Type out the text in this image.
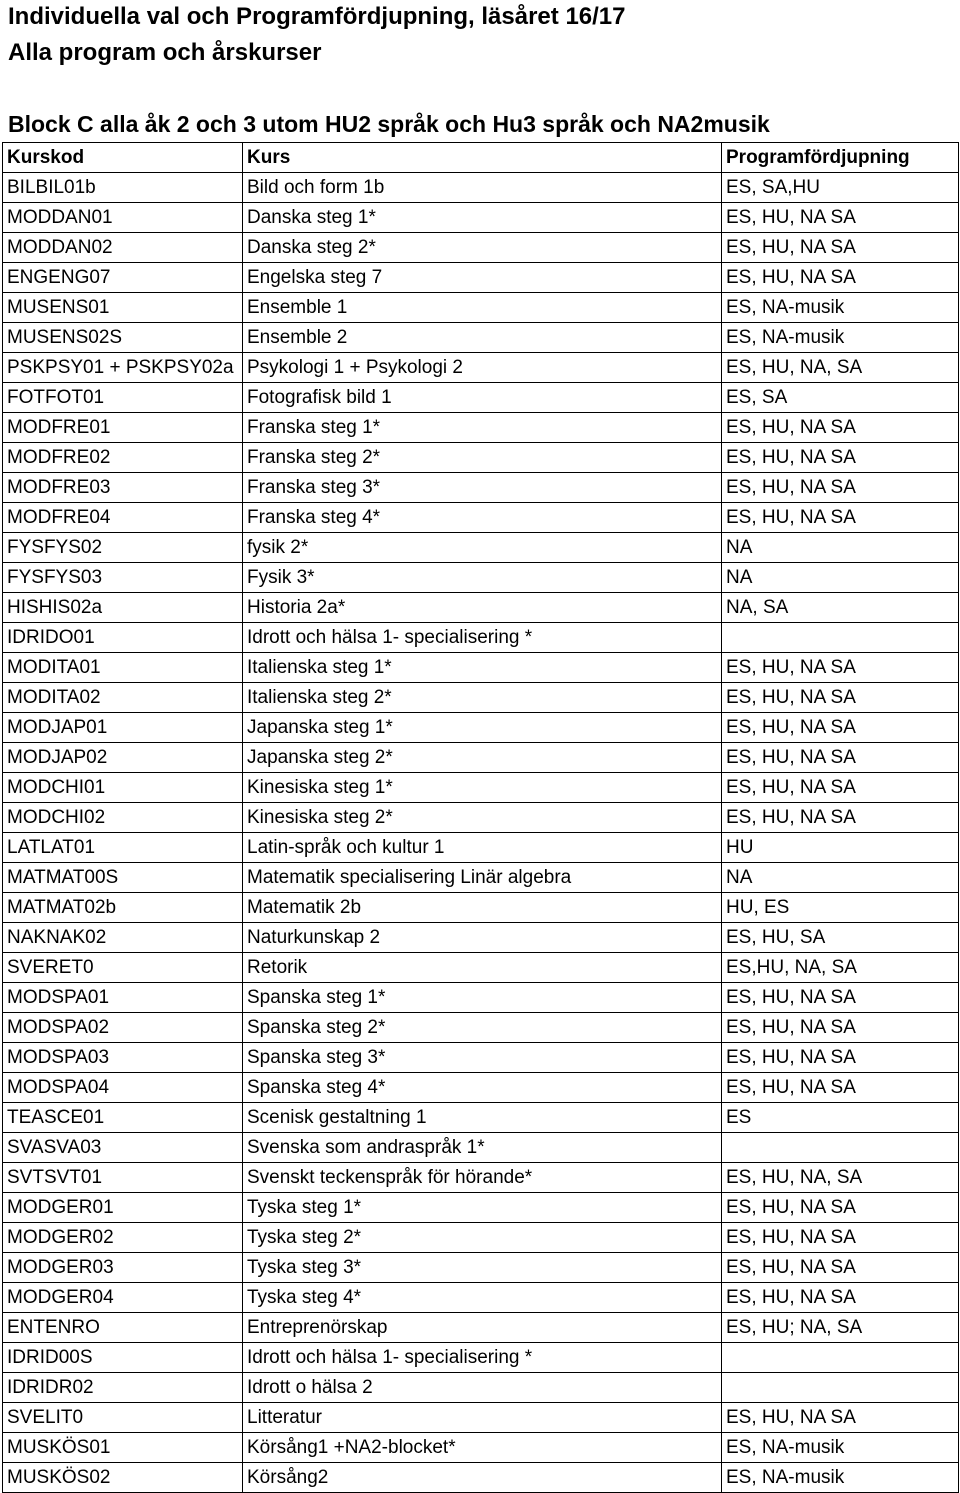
Individuella val och Programfördjupning, läsåret 16/17
Alla program och årskurser
Block C alla åk 2 och 3 utom HU2 språk och Hu3 språk och NA2musik
Kurskod	Kurs	Programfördjupning
BILBIL01b	Bild och form 1b	ES, SA,HU
MODDAN01	Danska steg 1*	ES, HU, NA SA
MODDAN02	Danska steg 2*	ES, HU, NA SA
ENGENG07	Engelska steg 7	ES, HU, NA SA
MUSENS01	Ensemble 1	ES, NA-musik
MUSENS02S	Ensemble 2	ES, NA-musik
PSKPSY01 + PSKPSY02a	Psykologi 1 + Psykologi 2	ES, HU, NA, SA
FOTFOT01	Fotografisk bild 1	ES, SA
MODFRE01	Franska steg 1*	ES, HU, NA SA
MODFRE02	Franska steg 2*	ES, HU, NA SA
MODFRE03	Franska steg 3*	ES, HU, NA SA
MODFRE04	Franska steg 4*	ES, HU, NA SA
FYSFYS02	fysik 2*	NA
FYSFYS03	Fysik 3*	NA
HISHIS02a	Historia 2a*	NA, SA
IDRIDO01	Idrott och hälsa 1- specialisering *	
MODITA01	Italienska steg 1*	ES, HU, NA SA
MODITA02	Italienska steg 2*	ES, HU, NA SA
MODJAP01	Japanska steg 1*	ES, HU, NA SA
MODJAP02	Japanska steg 2*	ES, HU, NA SA
MODCHI01	Kinesiska steg 1*	ES, HU, NA SA
MODCHI02	Kinesiska steg 2*	ES, HU, NA SA
LATLAT01	Latin-språk och kultur 1	HU
MATMAT00S	Matematik specialisering Linär algebra	NA
MATMAT02b	Matematik 2b	HU, ES
NAKNAK02	Naturkunskap 2	ES, HU, SA
SVERET0	Retorik	ES,HU, NA, SA
MODSPA01	Spanska steg 1*	ES, HU, NA SA
MODSPA02	Spanska steg 2*	ES, HU, NA SA
MODSPA03	Spanska steg 3*	ES, HU, NA SA
MODSPA04	Spanska steg 4*	ES, HU, NA SA
TEASCE01	Scenisk gestaltning 1	ES
SVASVA03	Svenska som andraspråk 1*	
SVTSVT01	Svenskt teckenspråk för hörande*	ES, HU, NA, SA
MODGER01	Tyska steg 1*	ES, HU, NA SA
MODGER02	Tyska steg 2*	ES, HU, NA SA
MODGER03	Tyska steg 3*	ES, HU, NA SA
MODGER04	Tyska steg 4*	ES, HU, NA SA
ENTENRO	Entreprenörskap	ES, HU; NA, SA
IDRID00S	Idrott och hälsa 1- specialisering *	
IDRIDR02	Idrott o hälsa 2	
SVELIT0	Litteratur	ES, HU, NA SA
MUSKÖS01	Körsång1 +NA2-blocket*	ES, NA-musik
MUSKÖS02	Körsång2	ES, NA-musik
